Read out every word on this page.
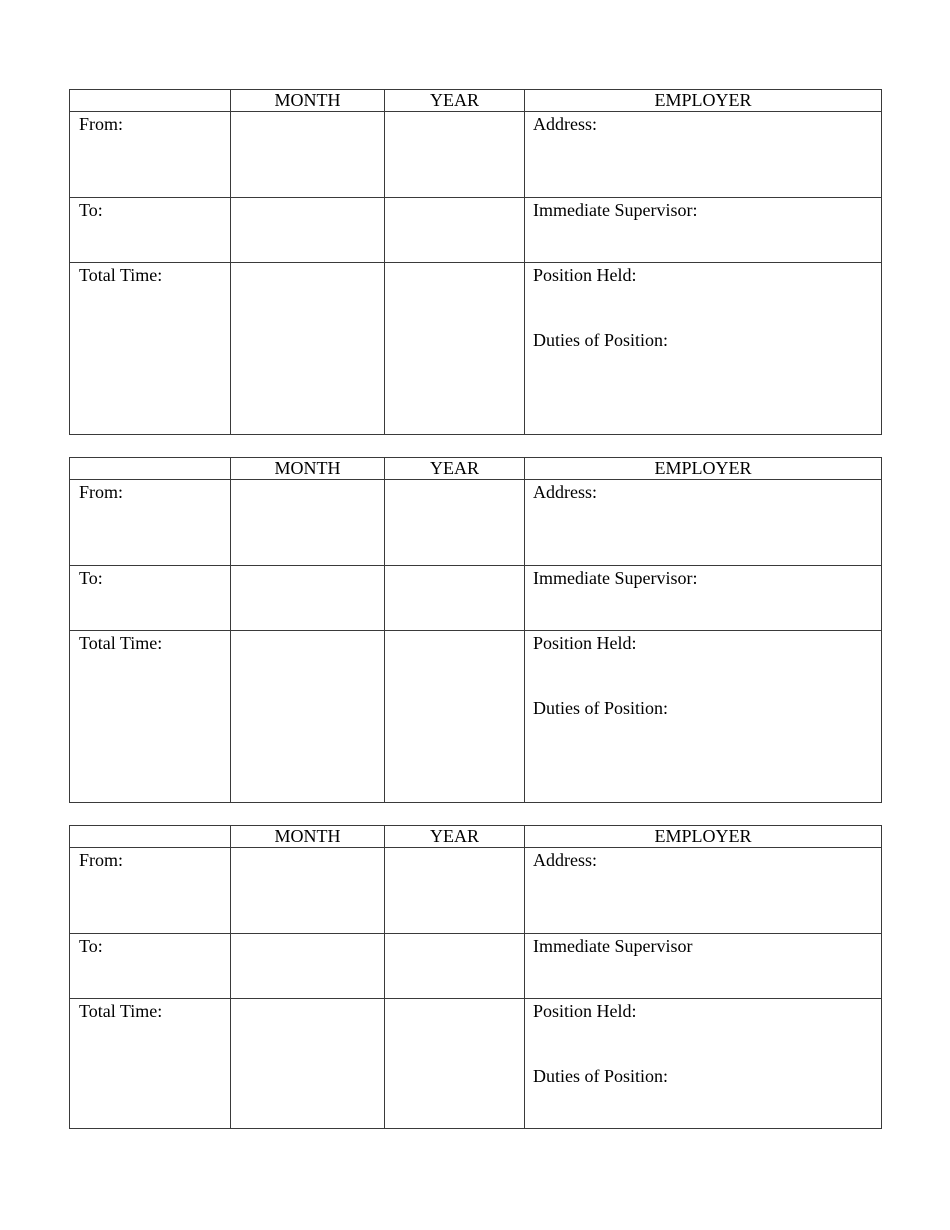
	MONTH	YEAR	EMPLOYER
From:			Address:
To:			Immediate Supervisor:
Total Time:			Position Held:
Duties of Position:
	MONTH	YEAR	EMPLOYER
From:			Address:
To:			Immediate Supervisor:
Total Time:			Position Held:
Duties of Position:
	MONTH	YEAR	EMPLOYER
From:			Address:
To:			Immediate Supervisor
Total Time:			Position Held:
Duties of Position:
